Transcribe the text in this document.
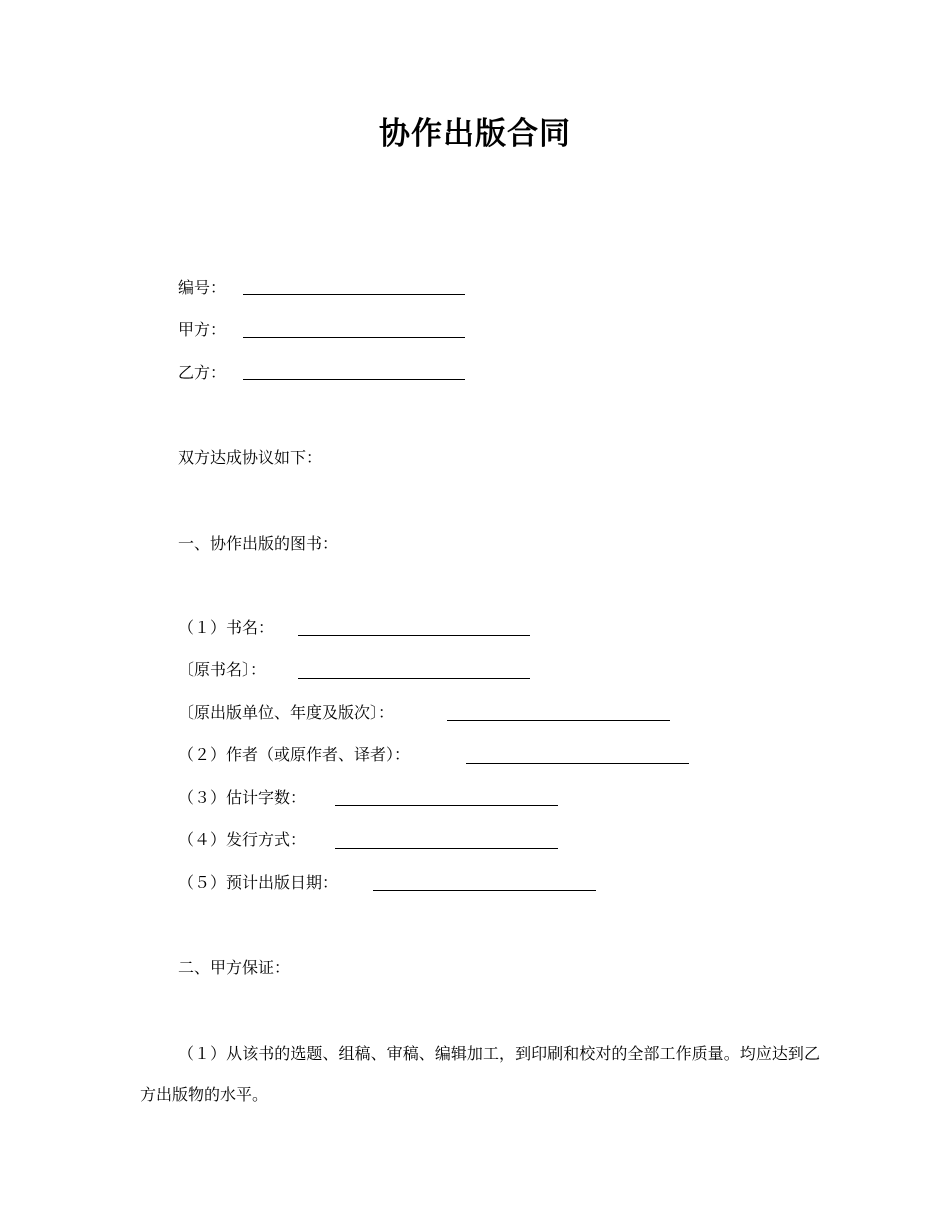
协作出版合同
编号：
甲方：
乙方：
双方达成协议如下：
一、协作出版的图书：
（１）书名：
〔原书名〕：
〔原出版单位、年度及版次〕：
（２）作者（或原作者、译者）：
（３）估计字数：
（４）发行方式：
（５）预计出版日期：
二、甲方保证：
（１）从该书的选题、组稿、审稿、编辑加工，到印刷和校对的全部工作质量。均应达到乙方出版物的水平。
